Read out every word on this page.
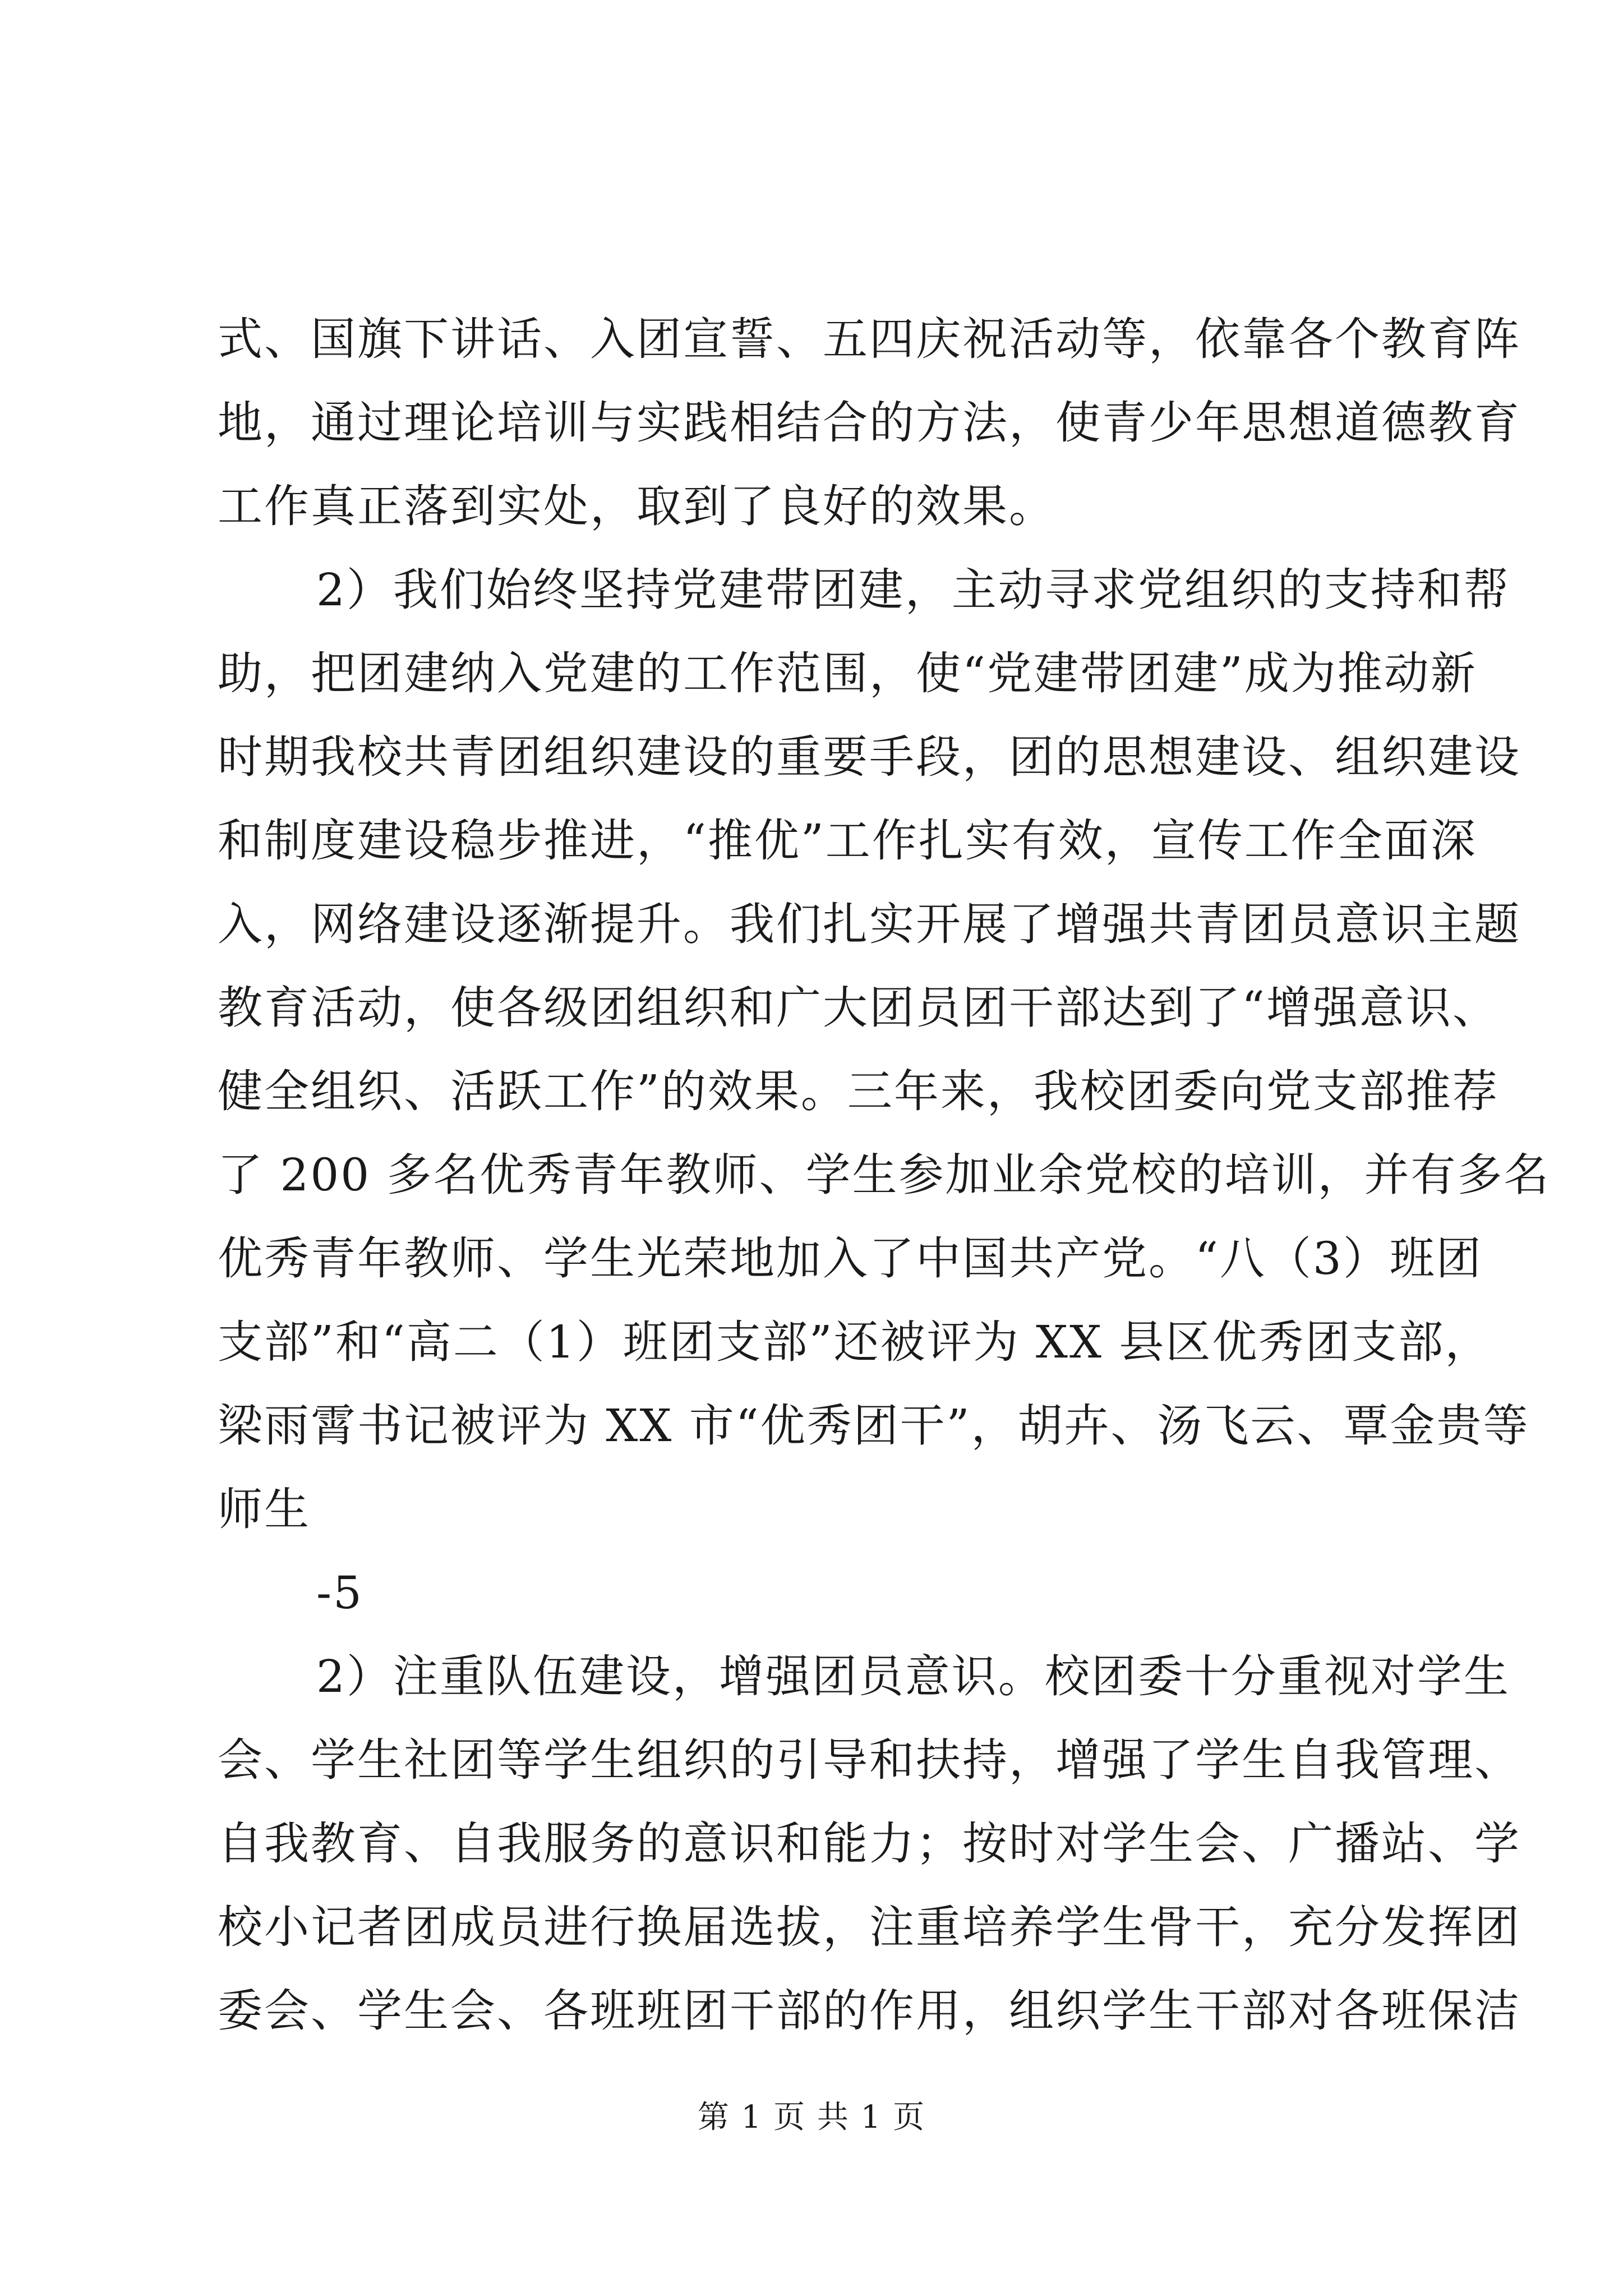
式、国旗下讲话、入团宣誓、五四庆祝活动等，依靠各个教育阵
地，通过理论培训与实践相结合的方法，使青少年思想道德教育
工作真正落到实处，取到了良好的效果。
2）我们始终坚持党建带团建，主动寻求党组织的支持和帮
助，把团建纳入党建的工作范围，使“党建带团建”成为推动新
时期我校共青团组织建设的重要手段，团的思想建设、组织建设
和制度建设稳步推进，“推优”工作扎实有效，宣传工作全面深
入，网络建设逐渐提升。我们扎实开展了增强共青团员意识主题
教育活动，使各级团组织和广大团员团干部达到了“增强意识、
健全组织、活跃工作”的效果。三年来，我校团委向党支部推荐
了 200 多名优秀青年教师、学生参加业余党校的培训，并有多名
优秀青年教师、学生光荣地加入了中国共产党。“八（3）班团
支部”和“高二（1）班团支部”还被评为 XX 县区优秀团支部，
梁雨霄书记被评为 XX 市“优秀团干”，胡卉、汤飞云、覃金贵等
师生
-5
2）注重队伍建设，增强团员意识。校团委十分重视对学生
会、学生社团等学生组织的引导和扶持，增强了学生自我管理、
自我教育、自我服务的意识和能力；按时对学生会、广播站、学
校小记者团成员进行换届选拔，注重培养学生骨干，充分发挥团
委会、学生会、各班班团干部的作用，组织学生干部对各班保洁
第 1 页 共 1 页
